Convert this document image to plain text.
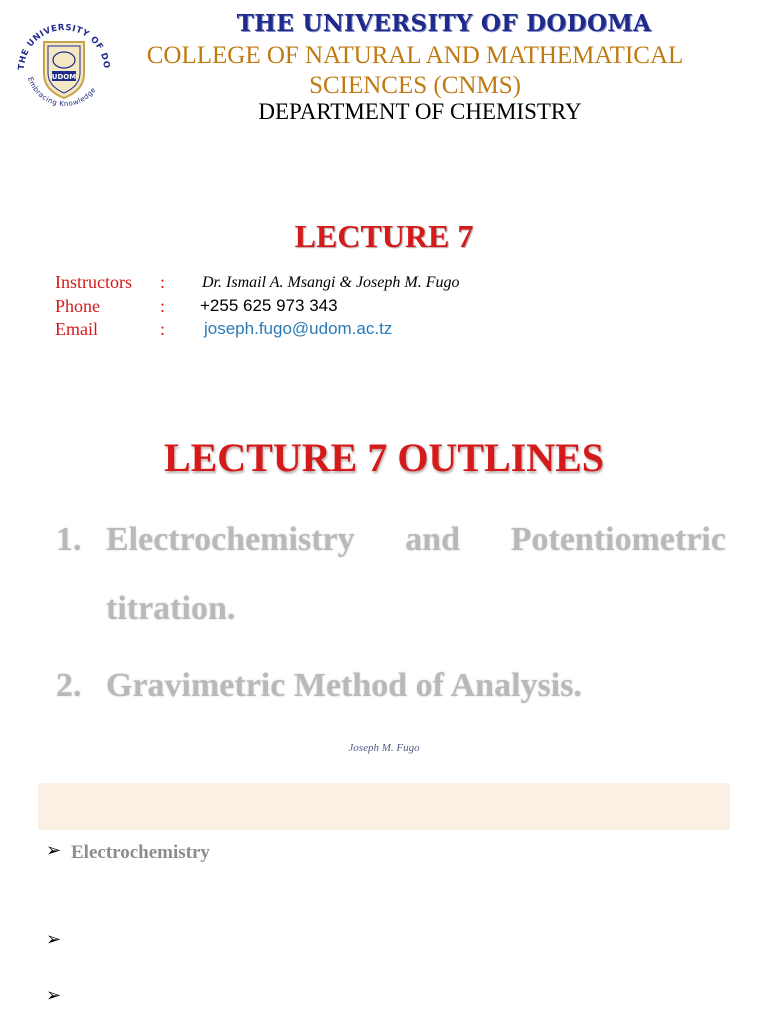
THE UNIVERSITY OF DO
Embracing Knowledge
UDOM
THE UNIVERSITY OF DODOMA
COLLEGE OF NATURAL AND MATHEMATICAL
SCIENCES (CNMS)
DEPARTMENT OF CHEMISTRY
LECTURE 7
Instructors : Dr. Ismail A. Msangi & Joseph M. Fugo
Phone	: +255 625 973 343
Email	: joseph.fugo@udom.ac.tz
LECTURE 7 OUTLINES
1. Electrochemistry and Potentiometric
titration.
2. Gravimetric Method of Analysis.
Joseph M. Fugo
➢ Electrochemistry
➢
➢
